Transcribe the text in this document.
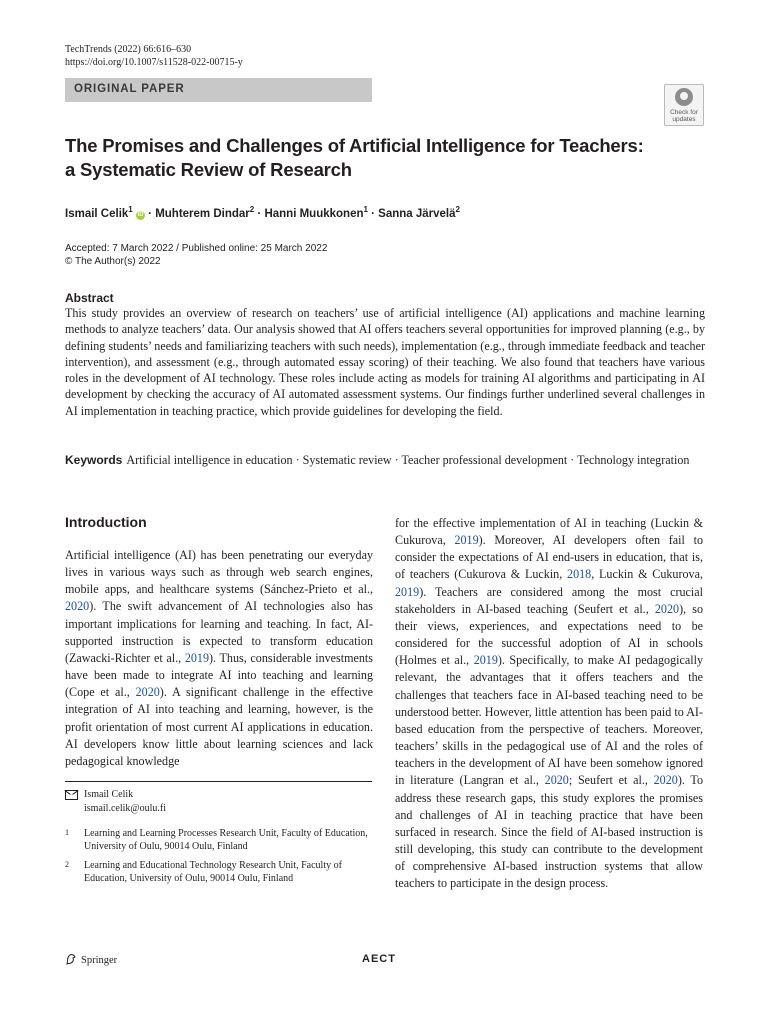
TechTrends (2022) 66:616–630
https://doi.org/10.1007/s11528-022-00715-y
ORIGINAL PAPER
Check for
updates
The Promises and Challenges of Artificial Intelligence for Teachers:
a Systematic Review of Research
Ismail Celik$^1$ iD · Muhterem Dindar$^2$ · Hanni Muukkonen$^1$ · Sanna Järvelä$^2$
Accepted: 7 March 2022 / Published online: 25 March 2022
© The Author(s) 2022
Abstract
This study provides an overview of research on teachers’ use of artificial intelligence (AI) applications and machine learning methods to analyze teachers’ data. Our analysis showed that AI offers teachers several opportunities for improved planning (e.g., by defining students’ needs and familiarizing teachers with such needs), implementation (e.g., through immediate feedback and teacher intervention), and assessment (e.g., through automated essay scoring) of their teaching. We also found that teachers have various roles in the development of AI technology. These roles include acting as models for training AI algorithms and participating in AI development by checking the accuracy of AI automated assessment systems. Our findings further underlined several challenges in AI implementation in teaching practice, which provide guidelines for developing the field.
Keywords Artificial intelligence in education · Systematic review · Teacher professional development · Technology integration
Introduction
Artificial intelligence (AI) has been penetrating our everyday lives in various ways such as through web search engines, mobile apps, and healthcare systems (Sánchez-Prieto et al., 2020). The swift advancement of AI technologies also has important implications for learning and teaching. In fact, AI-supported instruction is expected to transform education (Zawacki-Richter et al., 2019). Thus, considerable investments have been made to integrate AI into teaching and learning (Cope et al., 2020). A significant challenge in the effective integration of AI into teaching and learning, however, is the profit orientation of most current AI applications in education. AI developers know little about learning sciences and lack pedagogical knowledge
for the effective implementation of AI in teaching (Luckin & Cukurova, 2019). Moreover, AI developers often fail to consider the expectations of AI end-users in education, that is, of teachers (Cukurova & Luckin, 2018, Luckin & Cukurova, 2019). Teachers are considered among the most crucial stakeholders in AI-based teaching (Seufert et al., 2020), so their views, experiences, and expectations need to be considered for the successful adoption of AI in schools (Holmes et al., 2019). Specifically, to make AI pedagogically relevant, the advantages that it offers teachers and the challenges that teachers face in AI-based teaching need to be understood better. However, little attention has been paid to AI-based education from the perspective of teachers. Moreover, teachers’ skills in the pedagogical use of AI and the roles of teachers in the development of AI have been somehow ignored in literature (Langran et al., 2020; Seufert et al., 2020). To address these research gaps, this study explores the promises and challenges of AI in teaching practice that have been surfaced in research. Since the field of AI-based instruction is still developing, this study can contribute to the development of comprehensive AI-based instruction systems that allow teachers to participate in the design process.
Ismail Celik
ismail.celik@oulu.fi
1 Learning and Learning Processes Research Unit, Faculty of Education, University of Oulu, 90014 Oulu, Finland
2 Learning and Educational Technology Research Unit, Faculty of Education, University of Oulu, 90014 Oulu, Finland
Springer	AECT
